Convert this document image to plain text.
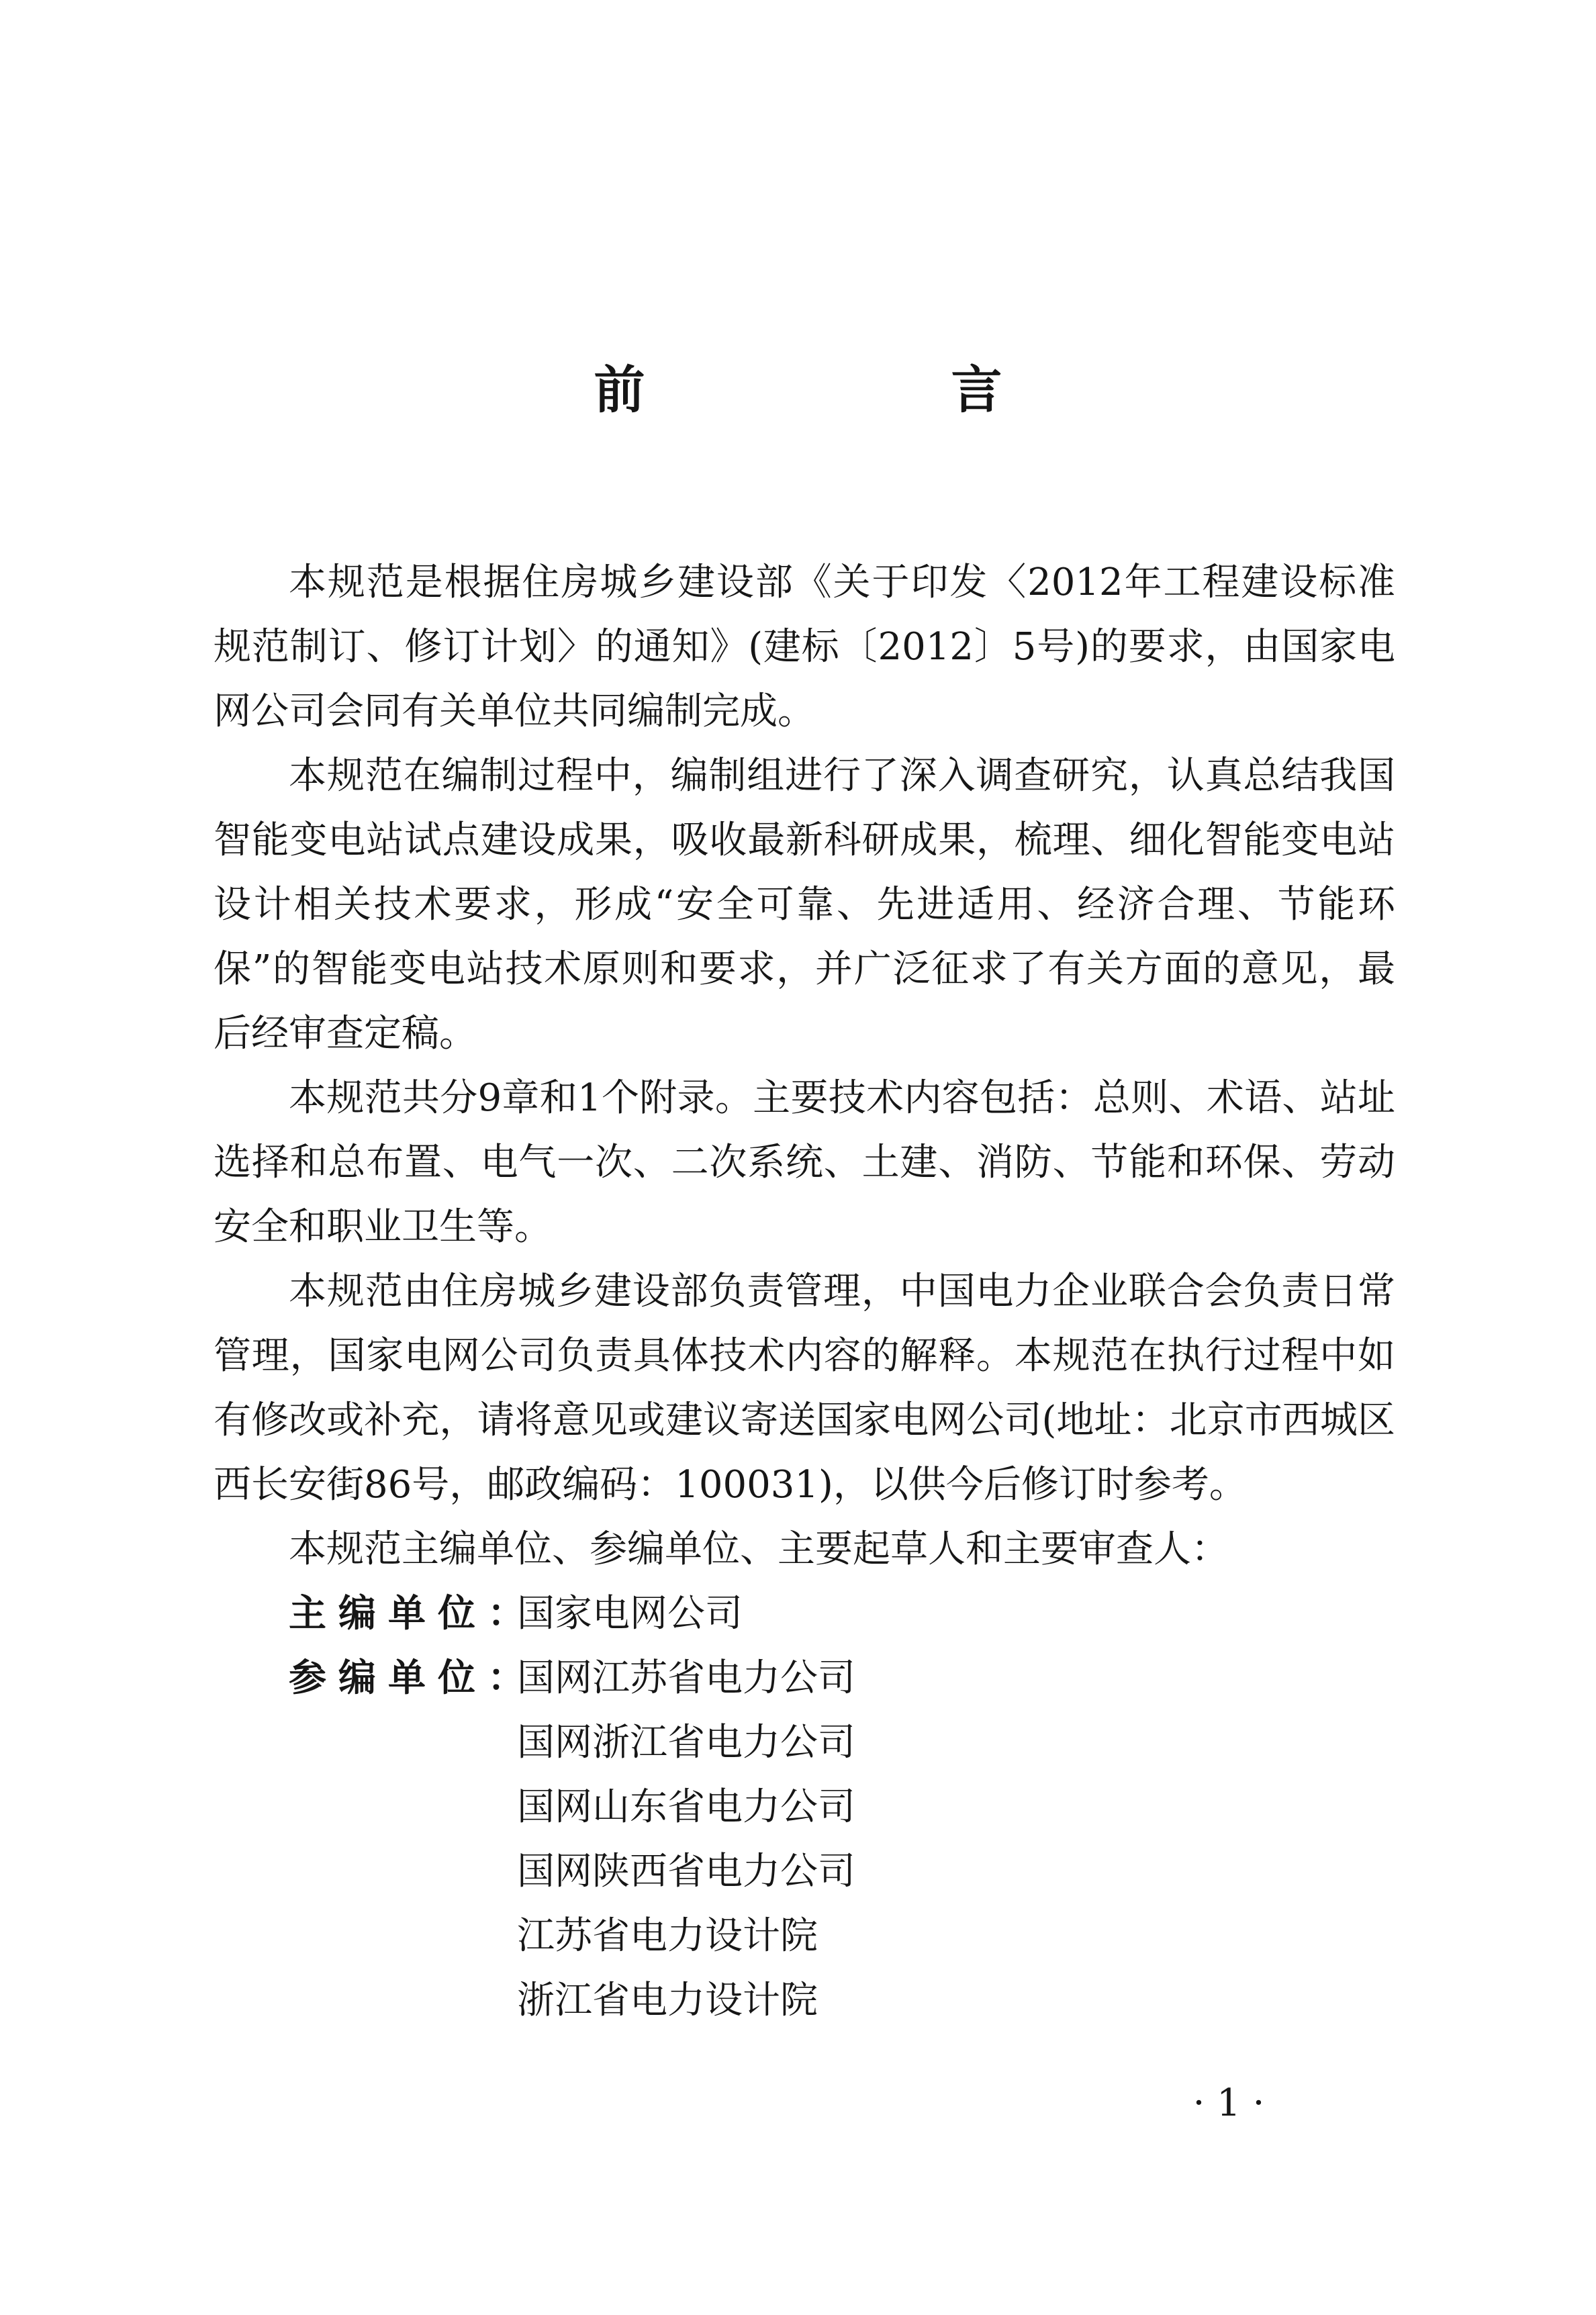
前　言

本规范是根据住房城乡建设部《关于印发〈2012年工程建设标准规范制订、修订计划〉的通知》(建标〔2012〕5号)的要求，由国家电网公司会同有关单位共同编制完成。

本规范在编制过程中，编制组进行了深入调查研究，认真总结我国智能变电站试点建设成果，吸收最新科研成果，梳理、细化智能变电站设计相关技术要求，形成“安全可靠、先进适用、经济合理、节能环保”的智能变电站技术原则和要求，并广泛征求了有关方面的意见，最后经审查定稿。

本规范共分9章和1个附录。主要技术内容包括：总则、术语、站址选择和总布置、电气一次、二次系统、土建、消防、节能和环保、劳动安全和职业卫生等。

本规范由住房城乡建设部负责管理，中国电力企业联合会负责日常管理，国家电网公司负责具体技术内容的解释。本规范在执行过程中如有修改或补充，请将意见或建议寄送国家电网公司(地址：北京市西城区西长安街86号，邮政编码：100031)，以供今后修订时参考。

本规范主编单位、参编单位、主要起草人和主要审查人：

主编单位：
国家电网公司
参编单位：
国网江苏省电力公司
国网浙江省电力公司
国网山东省电力公司
国网陕西省电力公司
江苏省电力设计院
浙江省电力设计院
· 1 ·
